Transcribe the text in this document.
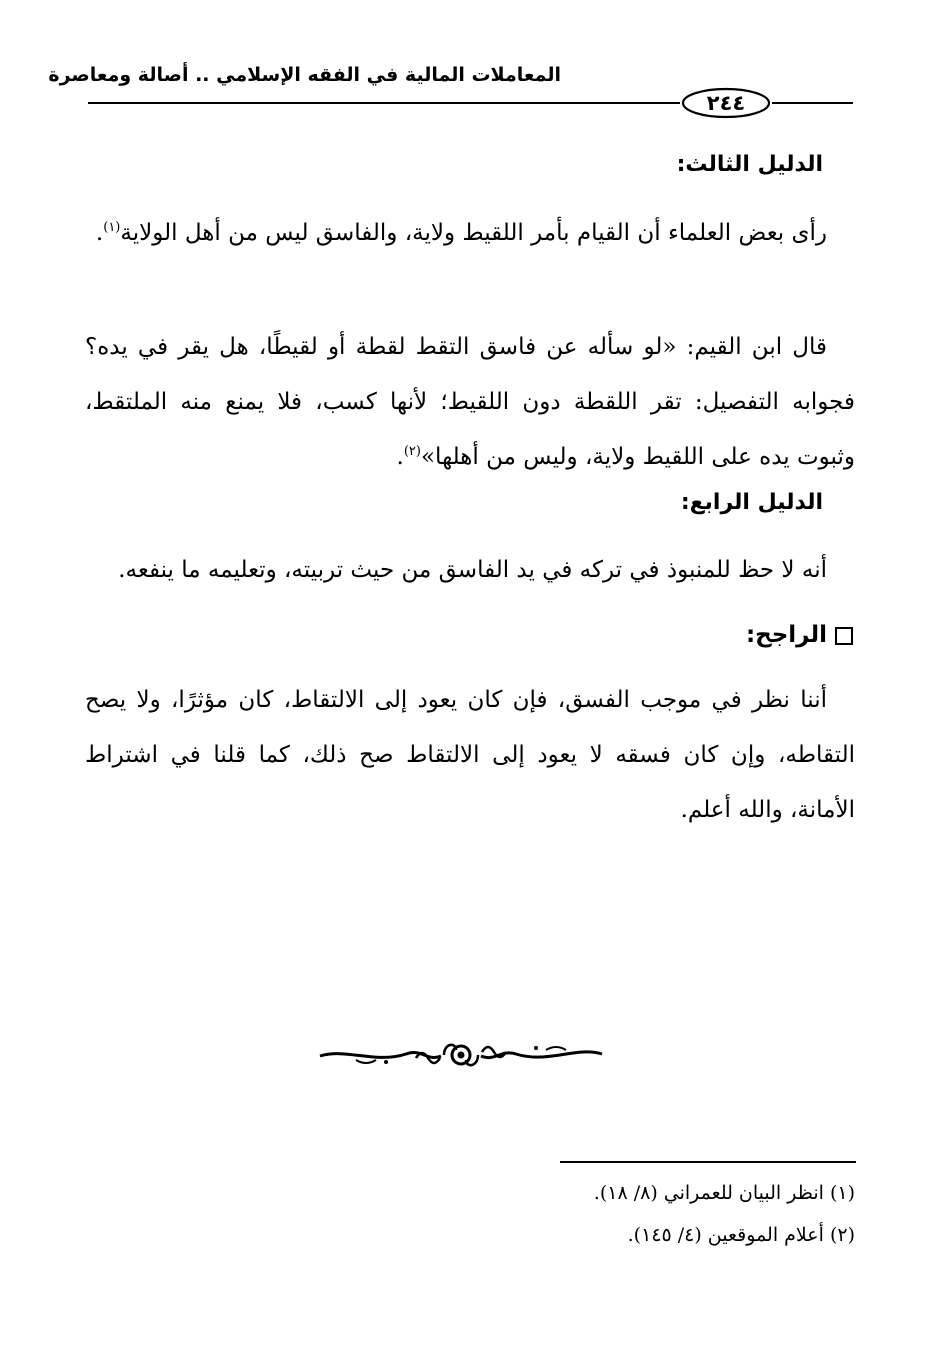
المعاملات المالية في الفقه الإسلامي .. أصالة ومعاصرة
٢٤٤
الدليل الثالث:
رأى بعض العلماء أن القيام بأمر اللقيط ولاية، والفاسق ليس من أهل الولاية$^{(١)}$.
قال ابن القيم: «لو سأله عن فاسق التقط لقطة أو لقيطًا، هل يقر في يده؟ فجوابه التفصيل: تقر اللقطة دون اللقيط؛ لأنها كسب، فلا يمنع منه الملتقط، وثبوت يده على اللقيط ولاية، وليس من أهلها»$^{(٢)}$.
الدليل الرابع:
أنه لا حظ للمنبوذ في تركه في يد الفاسق من حيث تربيته، وتعليمه ما ينفعه.
الراجح:
أننا نظر في موجب الفسق، فإن كان يعود إلى الالتقاط، كان مؤثرًا، ولا يصح التقاطه، وإن كان فسقه لا يعود إلى الالتقاط صح ذلك، كما قلنا في اشتراط الأمانة، والله أعلم.
(١) انظر البيان للعمراني (٨/ ١٨).
(٢) أعلام الموقعين (٤/ ١٤٥).
